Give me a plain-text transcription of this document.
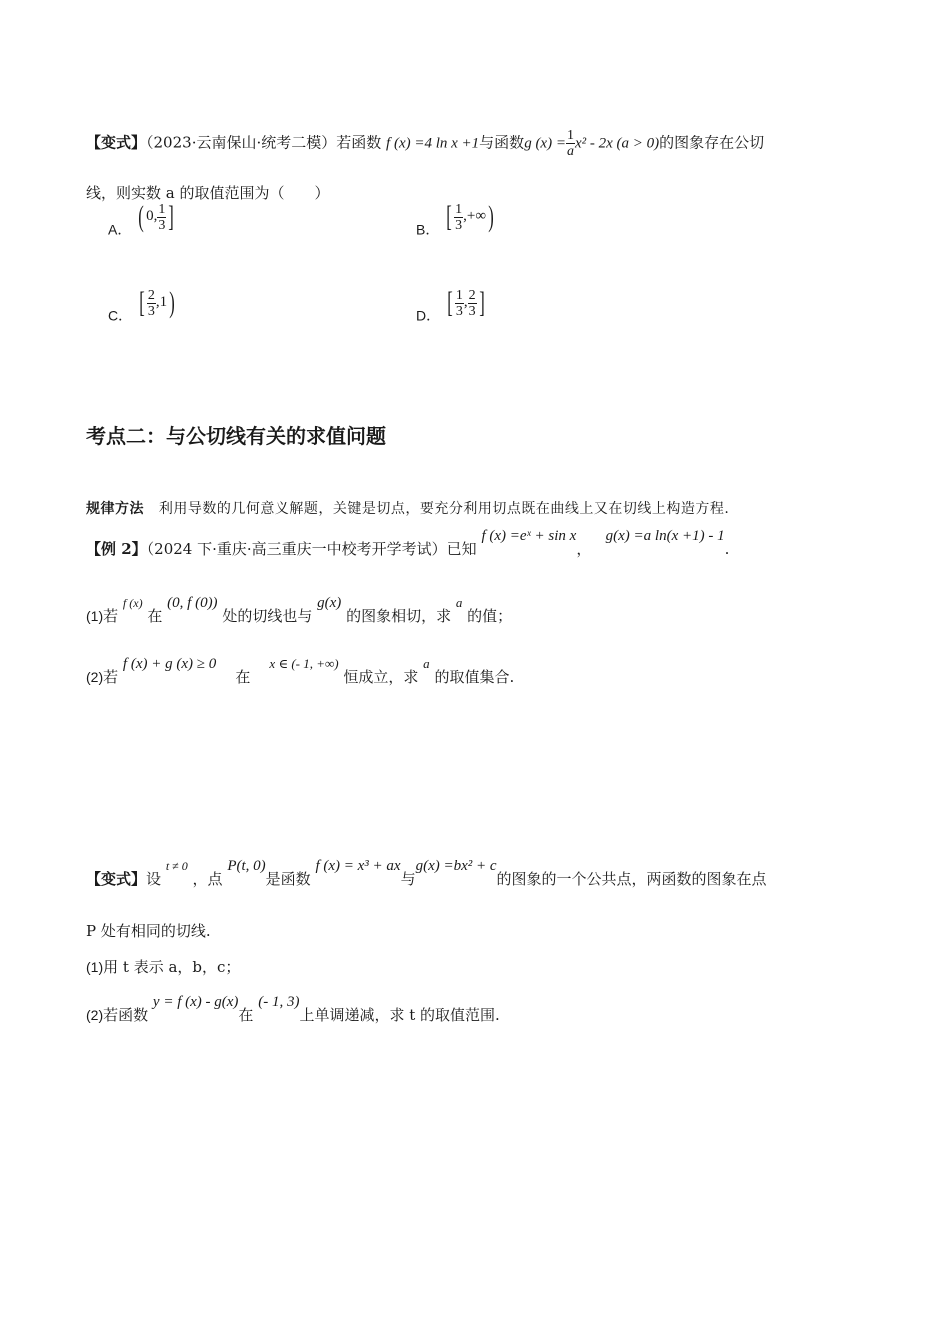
【变式】（2023·云南保山·统考二模）若函数 f (x) =4 ln x +1与函数g $(x) = \frac{1}{a} x^2 - 2x$ (a > 0)的图象存在公切
线，则实数 a 的取值范围为（　　）
A． ( 0, $\frac{1}{3}$ ]	B． [ $\frac{1}{3}$ ,+∞)
C． [ $\frac{2}{3} ,1$)	D． [ $\frac{1}{3}$ , $\frac{2}{3}$ ]
考点二：与公切线有关的求值问题
规律方法 利用导数的几何意义解题，关键是切点，要充分利用切点既在曲线上又在切线上构造方程.
【例 2】（2024 下·重庆·高三重庆一中校考开学考试）已知 f (x) =eˣ + sin x，   g(x) =a ln(x +1) - 1.
(1)若 $^{f (x)}$ 在 (0, f (0)) 处的切线也与 g(x) 的图象相切，求 a 的值；
(2)若 f (x) + g (x) ≥ 0    在    x ∈ (- 1, +∞) 恒成立，求 a 的取值集合.
【变式】设 $^{t \ne 0}$ ，点 P(t, 0)是函数 f (x) = x³ + ax与g(x) =bx² + c的图象的一个公共点，两函数的图象在点
P 处有相同的切线.
(1)用 t 表示 a，b，c；
(2)若函数 y = f (x) - g(x)在 (- 1, 3)上单调递减，求 t 的取值范围.
